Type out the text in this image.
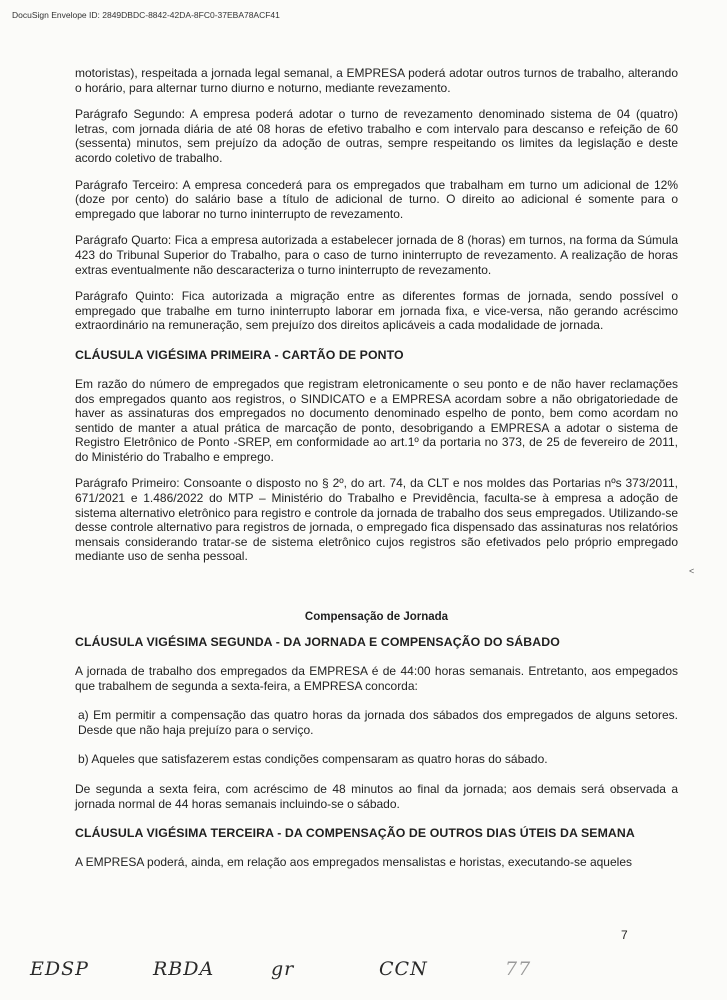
DocuSign Envelope ID: 2849DBDC-8842-42DA-8FC0-37EBA78ACF41

motoristas), respeitada a jornada legal semanal, a EMPRESA poderá adotar outros turnos de trabalho, alterando o horário, para alternar turno diurno e noturno, mediante revezamento.

Parágrafo Segundo: A empresa poderá adotar o turno de revezamento denominado sistema de 04 (quatro) letras, com jornada diária de até 08 horas de efetivo trabalho e com intervalo para descanso e refeição de 60 (sessenta) minutos, sem prejuízo da adoção de outras, sempre respeitando os limites da legislação e deste acordo coletivo de trabalho.

Parágrafo Terceiro: A empresa concederá para os empregados que trabalham em turno um adicional de 12% (doze por cento) do salário base a título de adicional de turno. O direito ao adicional é somente para o empregado que laborar no turno ininterrupto de revezamento.

Parágrafo Quarto: Fica a empresa autorizada a estabelecer jornada de 8 (horas) em turnos, na forma da Súmula 423 do Tribunal Superior do Trabalho, para o caso de turno ininterrupto de revezamento. A realização de horas extras eventualmente não descaracteriza o turno ininterrupto de revezamento.

Parágrafo Quinto: Fica autorizada a migração entre as diferentes formas de jornada, sendo possível o empregado que trabalhe em turno ininterrupto laborar em jornada fixa, e vice-versa, não gerando acréscimo extraordinário na remuneração, sem prejuízo dos direitos aplicáveis a cada modalidade de jornada.

CLÁUSULA VIGÉSIMA PRIMEIRA - CARTÃO DE PONTO

Em razão do número de empregados que registram eletronicamente o seu ponto e de não haver reclamações dos empregados quanto aos registros, o SINDICATO e a EMPRESA acordam sobre a não obrigatoriedade de haver as assinaturas dos empregados no documento denominado espelho de ponto, bem como acordam no sentido de manter a atual prática de marcação de ponto, desobrigando a EMPRESA a adotar o sistema de Registro Eletrônico de Ponto -SREP, em conformidade ao art.1º da portaria no 373, de 25 de fevereiro de 2011, do Ministério do Trabalho e emprego.

Parágrafo Primeiro: Consoante o disposto no § 2º, do art. 74, da CLT e nos moldes das Portarias nºs 373/2011, 671/2021 e 1.486/2022 do MTP – Ministério do Trabalho e Previdência, faculta-se à empresa a adoção de sistema alternativo eletrônico para registro e controle da jornada de trabalho dos seus empregados. Utilizando-se desse controle alternativo para registros de jornada, o empregado fica dispensado das assinaturas nos relatórios mensais considerando tratar-se de sistema eletrônico cujos registros são efetivados pelo próprio empregado mediante uso de senha pessoal.

Compensação de Jornada

CLÁUSULA VIGÉSIMA SEGUNDA - DA JORNADA E COMPENSAÇÃO DO SÁBADO

A jornada de trabalho dos empregados da EMPRESA é de 44:00 horas semanais. Entretanto, aos empegados que trabalhem de segunda a sexta-feira, a EMPRESA concorda:

a) Em permitir a compensação das quatro horas da jornada dos sábados dos empregados de alguns setores. Desde que não haja prejuízo para o serviço.

b) Aqueles que satisfazerem estas condições compensaram as quatro horas do sábado.

De segunda a sexta feira, com acréscimo de 48 minutos ao final da jornada; aos demais será observada a jornada normal de 44 horas semanais incluindo-se o sábado.

CLÁUSULA VIGÉSIMA TERCEIRA - DA COMPENSAÇÃO DE OUTROS DIAS ÚTEIS DA SEMANA

A EMPRESA poderá, ainda, em relação aos empregados mensalistas e horistas, executando-se aqueles

<
7
EDSP	RBDA	gr	CCN	77
